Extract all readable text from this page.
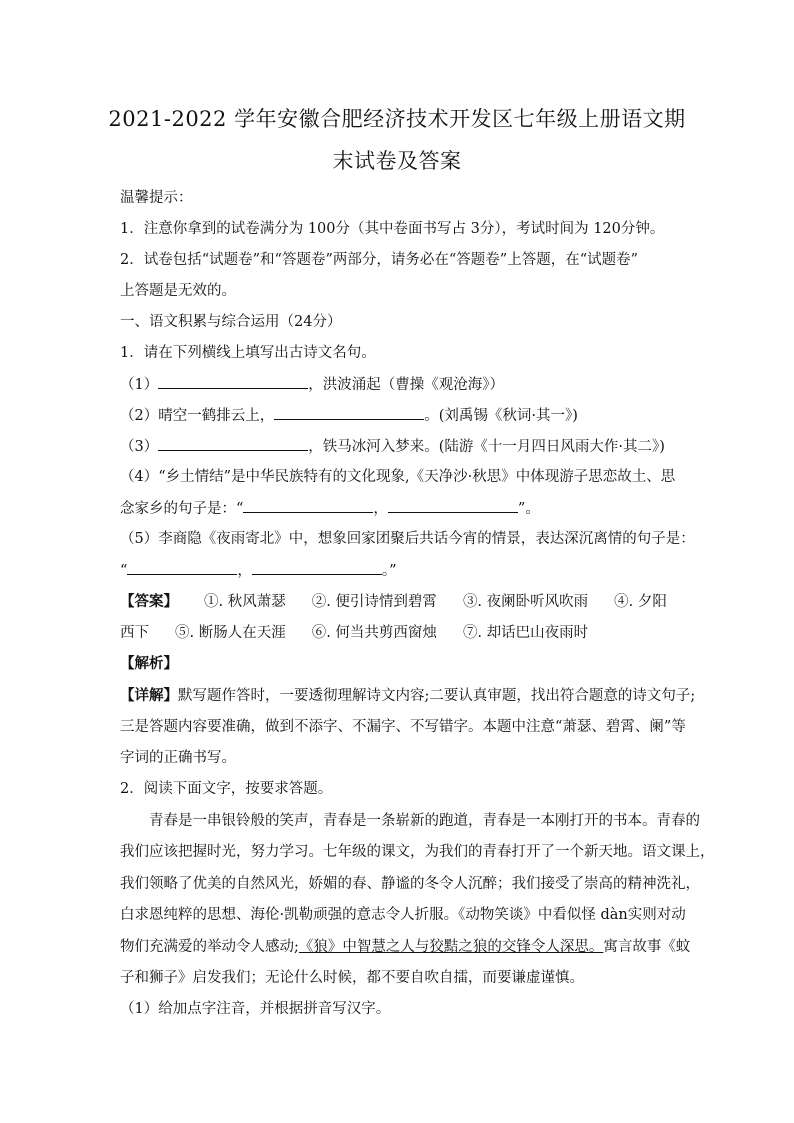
2021-2022 学年安徽合肥经济技术开发区七年级上册语文期
末试卷及答案
温馨提示：
1．注意你拿到的试卷满分为 100分（其中卷面书写占 3分），考试时间为 120分钟。
2．试卷包括“试题卷”和“答题卷”两部分，请务必在“答题卷”上答题，在“试题卷”
上答题是无效的。
一、语文积累与综合运用（24分）
1．请在下列横线上填写出古诗文名句。
（1）	，洪波涌起（曹操《观沧海》）
（2）晴空一鹤排云上，	。(刘禹锡《秋词·其一》)
（3）	，铁马冰河入梦来。(陆游《十一月四日风雨大作·其二》)
（4）“乡土情结”是中华民族特有的文化现象,《天净沙·秋思》中体现游子思恋故土、思
念家乡的句子是：“	，	”。
（5）李商隐《夜雨寄北》中，想象回家团聚后共话今宵的情景，表达深沉离情的句子是：
“	，	。”
【答案】 ①. 秋风萧瑟 ②. 便引诗情到碧霄 ③. 夜阑卧听风吹雨 ④. 夕阳
西下 ⑤. 断肠人在天涯 ⑥. 何当共剪西窗烛 ⑦. 却话巴山夜雨时
【解析】
【详解】默写题作答时，一要透彻理解诗文内容;二要认真审题，找出符合题意的诗文句子;
三是答题内容要准确，做到不添字、不漏字、不写错字。本题中注意“萧瑟、碧霄、阑”等
字词的正确书写。
2．阅读下面文字，按要求答题。
青春是一串银铃般的笑声，青春是一条崭新的跑道，青春是一本刚打开的书本。青春的
我们应该把握时光，努力学习。七年级的课文，为我们的青春打开了一个新天地。语文课上，
我们领略了优美的自然风光，娇媚的春、静谧的冬令人沉醉；我们接受了崇高的精神洗礼，
白求恩纯粹的思想、海伦·凯勒顽强的意志令人折服。《动物笑谈》中看似怪 dàn实则对动
物们充满爱的举动令人感动;《狼》中智慧之人与狡黠之狼的交锋令人深思。寓言故事《蚊
子和狮子》启发我们；无论什么时候，都不要自吹自擂，而要谦虚谨慎。
（1）给加点字注音，并根据拼音写汉字。
